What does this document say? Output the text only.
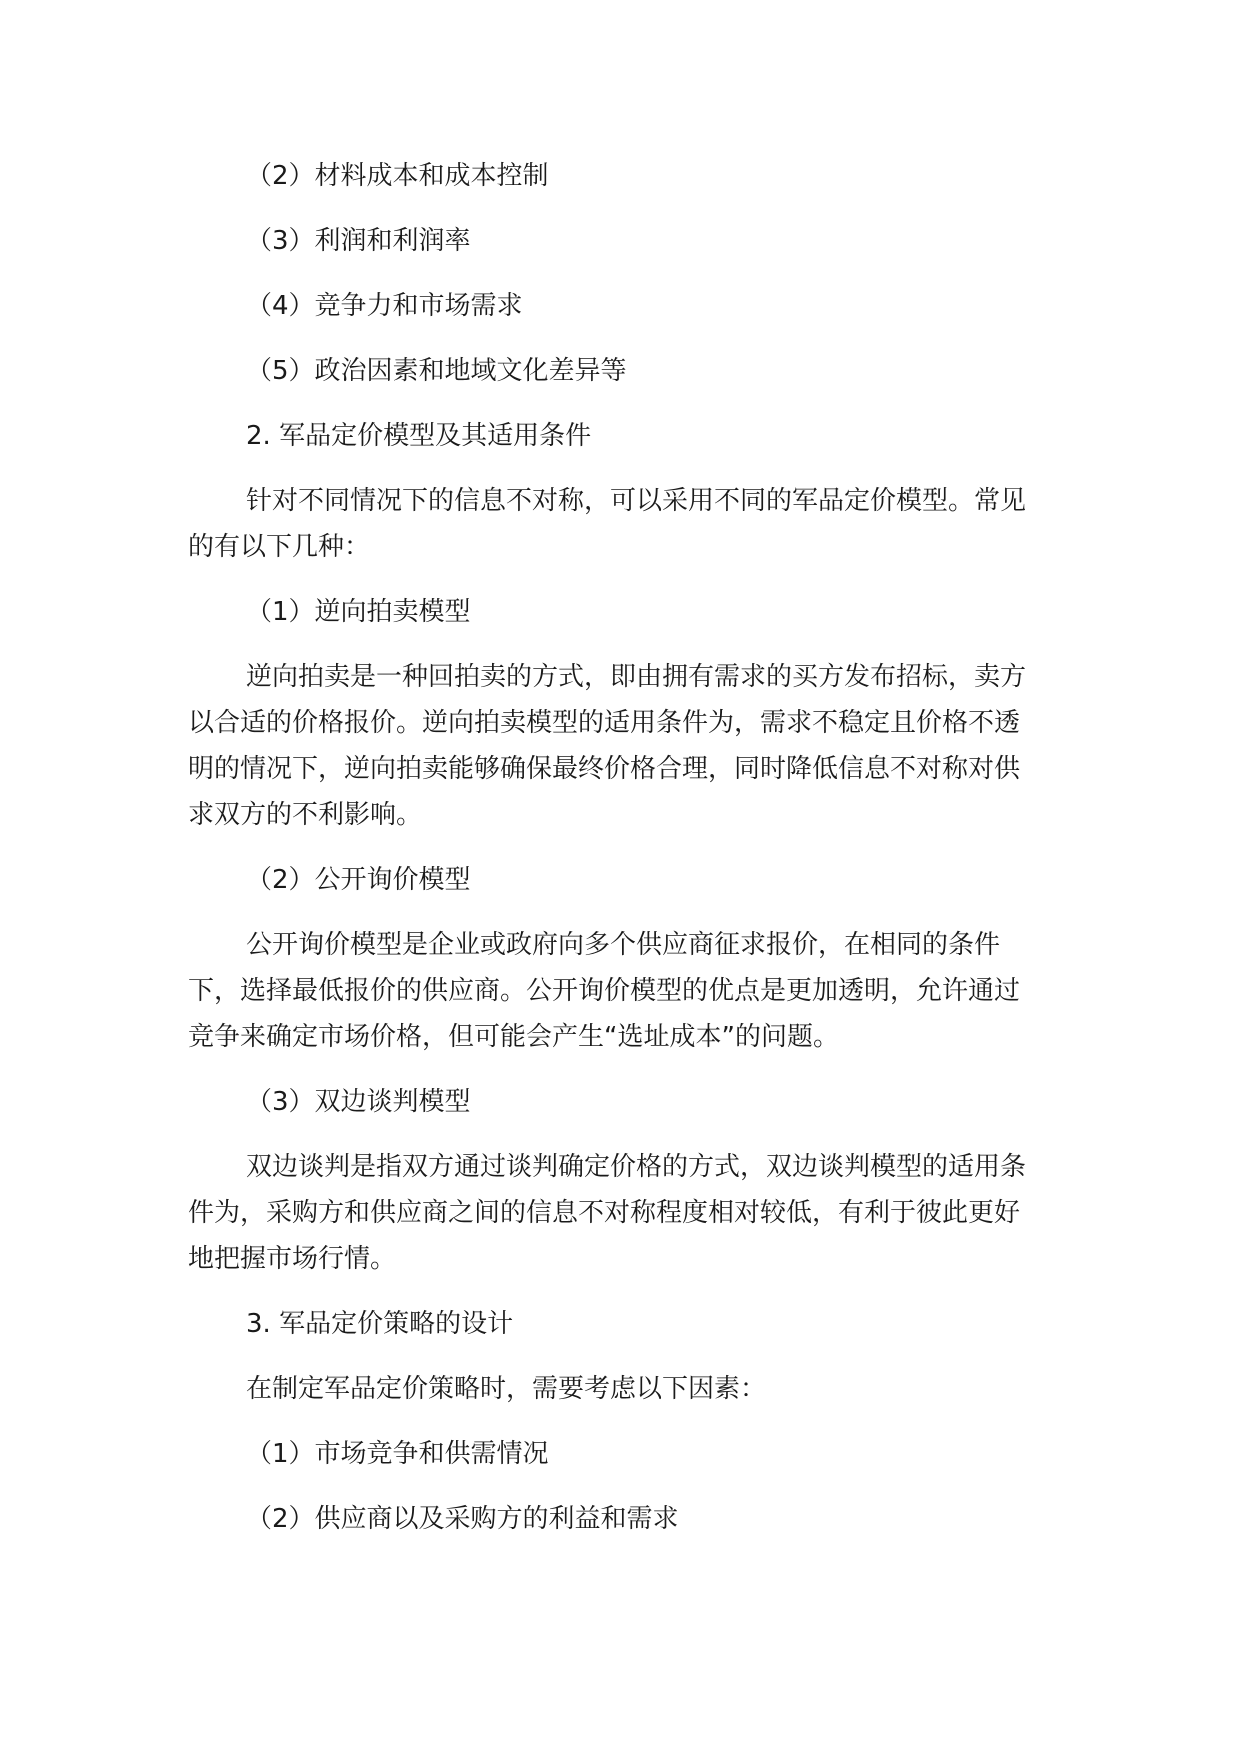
（2）材料成本和成本控制

（3）利润和利润率

（4）竞争力和市场需求

（5）政治因素和地域文化差异等

2. 军品定价模型及其适用条件

针对不同情况下的信息不对称，可以采用不同的军品定价模型。常见的有以下几种：

（1）逆向拍卖模型

逆向拍卖是一种回拍卖的方式，即由拥有需求的买方发布招标，卖方以合适的价格报价。逆向拍卖模型的适用条件为，需求不稳定且价格不透明的情况下，逆向拍卖能够确保最终价格合理，同时降低信息不对称对供求双方的不利影响。

（2）公开询价模型

公开询价模型是企业或政府向多个供应商征求报价，在相同的条件下，选择最低报价的供应商。公开询价模型的优点是更加透明，允许通过竞争来确定市场价格，但可能会产生“选址成本”的问题。

（3）双边谈判模型

双边谈判是指双方通过谈判确定价格的方式，双边谈判模型的适用条件为，采购方和供应商之间的信息不对称程度相对较低，有利于彼此更好地把握市场行情。

3. 军品定价策略的设计

在制定军品定价策略时，需要考虑以下因素：

（1）市场竞争和供需情况

（2）供应商以及采购方的利益和需求
